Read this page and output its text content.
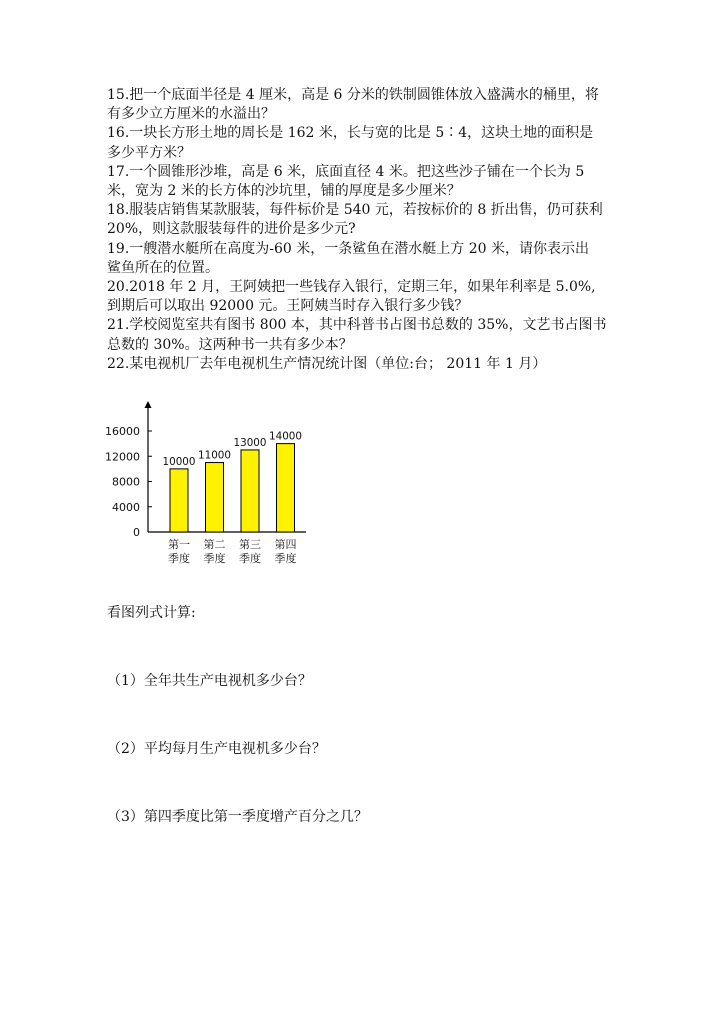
15.把一个底面半径是 4 厘米，高是 6 分米的铁制圆锥体放入盛满水的桶里，将
有多少立方厘米的水溢出？
16.一块长方形土地的周长是 162 米，长与宽的比是 5∶4，这块土地的面积是
多少平方米？
17.一个圆锥形沙堆，高是 6 米，底面直径 4 米。把这些沙子铺在一个长为 5
米，宽为 2 米的长方体的沙坑里，铺的厚度是多少厘米？
18.服装店销售某款服装，每件标价是 540 元，若按标价的 8 折出售，仍可获利
20%，则这款服装每件的进价是多少元?
19.一艘潜水艇所在高度为-60 米，一条鲨鱼在潜水艇上方 20 米，请你表示出
鲨鱼所在的位置。
20.2018 年 2 月，王阿姨把一些钱存入银行，定期三年，如果年利率是 5.0%,
到期后可以取出 92000 元。王阿姨当时存入银行多少钱？
21.学校阅览室共有图书 800 本，其中科普书占图书总数的 35%，文艺书占图书
总数的 30%。这两种书一共有多少本？
22.某电视机厂去年电视机生产情况统计图（单位:台； 2011 年 1 月）
0
4000
8000
12000
16000
10000
第一
季度
11000
第二
季度
13000
第三
季度
14000
第四
季度
看图列式计算:
（1）全年共生产电视机多少台？
（2）平均每月生产电视机多少台？
（3）第四季度比第一季度增产百分之几？
